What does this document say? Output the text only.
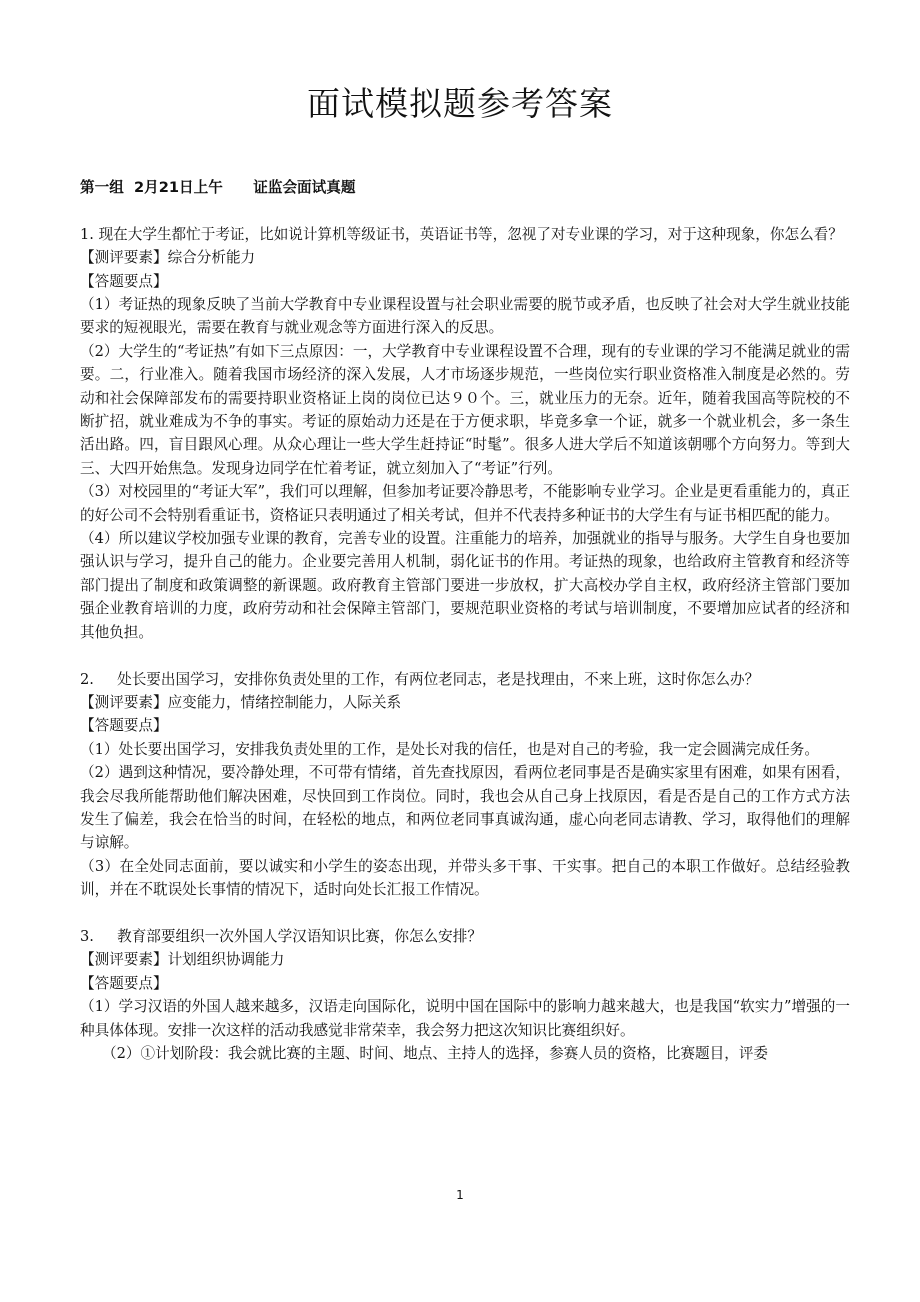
面试模拟题参考答案
第一组  2月21日上午      证监会面试真题
1. 现在大学生都忙于考证，比如说计算机等级证书，英语证书等，忽视了对专业课的学习，对于这种现象，你怎么看？
【测评要素】综合分析能力
【答题要点】
（1）考证热的现象反映了当前大学教育中专业课程设置与社会职业需要的脱节或矛盾，也反映了社会对大学生就业技能要求的短视眼光，需要在教育与就业观念等方面进行深入的反思。
（2）大学生的“考证热”有如下三点原因：一，大学教育中专业课程设置不合理，现有的专业课的学习不能满足就业的需要。二，行业准入。随着我国市场经济的深入发展，人才市场逐步规范，一些岗位实行职业资格准入制度是必然的。劳动和社会保障部发布的需要持职业资格证上岗的岗位已达９０个。三，就业压力的无奈。近年，随着我国高等院校的不断扩招，就业难成为不争的事实。考证的原始动力还是在于方便求职，毕竟多拿一个证，就多一个就业机会，多一条生活出路。四，盲目跟风心理。从众心理让一些大学生赶持证“时髦”。很多人进大学后不知道该朝哪个方向努力。等到大三、大四开始焦急。发现身边同学在忙着考证，就立刻加入了“考证”行列。
（3）对校园里的“考证大军”，我们可以理解，但参加考证要冷静思考，不能影响专业学习。企业是更看重能力的，真正的好公司不会特别看重证书，资格证只表明通过了相关考试，但并不代表持多种证书的大学生有与证书相匹配的能力。
（4）所以建议学校加强专业课的教育，完善专业的设置。注重能力的培养，加强就业的指导与服务。大学生自身也要加强认识与学习，提升自己的能力。企业要完善用人机制，弱化证书的作用。考证热的现象，也给政府主管教育和经济等部门提出了制度和政策调整的新课题。政府教育主管部门要进一步放权，扩大高校办学自主权，政府经济主管部门要加强企业教育培训的力度，政府劳动和社会保障主管部门，要规范职业资格的考试与培训制度，不要增加应试者的经济和其他负担。
2.     处长要出国学习，安排你负责处里的工作，有两位老同志，老是找理由，不来上班，这时你怎么办？
【测评要素】应变能力，情绪控制能力，人际关系
【答题要点】
（1）处长要出国学习，安排我负责处里的工作，是处长对我的信任，也是对自己的考验，我一定会圆满完成任务。
（2）遇到这种情况，要冷静处理，不可带有情绪，首先查找原因，看两位老同事是否是确实家里有困难，如果有困看，我会尽我所能帮助他们解决困难，尽快回到工作岗位。同时，我也会从自己身上找原因，看是否是自己的工作方式方法发生了偏差，我会在恰当的时间，在轻松的地点，和两位老同事真诚沟通，虚心向老同志请教、学习，取得他们的理解与谅解。
（3）在全处同志面前，要以诚实和小学生的姿态出现，并带头多干事、干实事。把自己的本职工作做好。总结经验教训，并在不耽误处长事情的情况下，适时向处长汇报工作情况。
3.     教育部要组织一次外国人学汉语知识比赛，你怎么安排？
【测评要素】计划组织协调能力
【答题要点】
（1）学习汉语的外国人越来越多，汉语走向国际化，说明中国在国际中的影响力越来越大，也是我国“软实力”增强的一种具体体现。安排一次这样的活动我感觉非常荣幸，我会努力把这次知识比赛组织好。
（2）①计划阶段：我会就比赛的主题、时间、地点、主持人的选择，参赛人员的资格，比赛题目，评委
1
